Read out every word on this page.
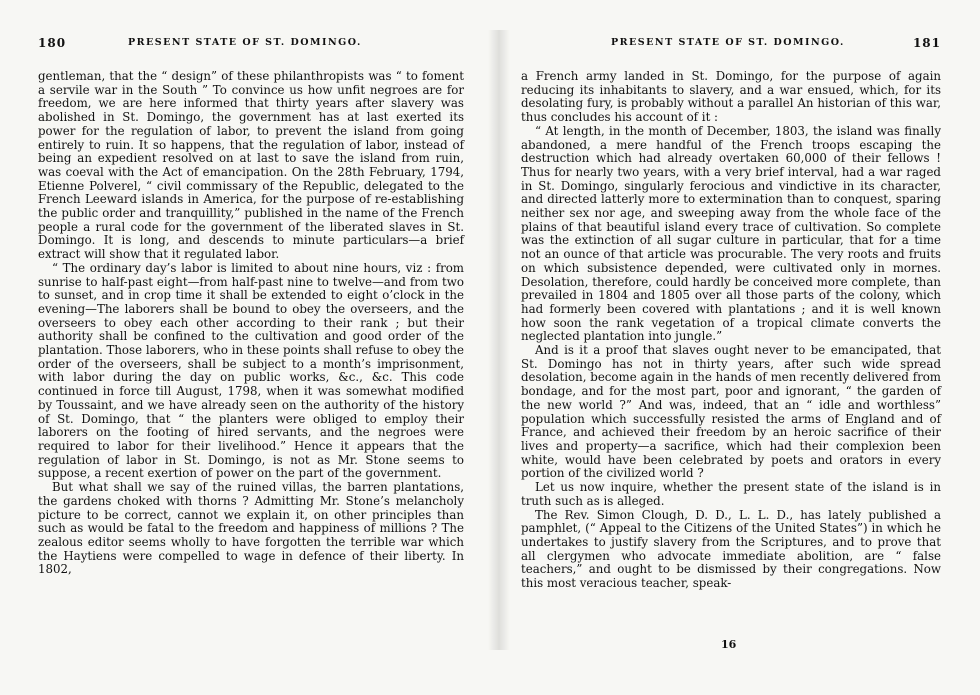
180	PRESENT STATE OF ST. DOMINGO.

gentleman, that the “ design” of these philanthropists was “ to foment a servile war in the South ” To convince us how unfit negroes are for freedom, we are here informed that thirty years after slavery was abolished in St. Domingo, the government has at last exerted its power for the regulation of labor, to prevent the island from going entirely to ruin. It so happens, that the regulation of labor, instead of being an expedient resolved on at last to save the island from ruin, was coeval with the Act of emancipation. On the 28th February, 1794, Etienne Polverel, “ civil commissary of the Republic, delegated to the French Leeward islands in America, for the purpose of re-establishing the public order and tranquillity,” published in the name of the French people a rural code for the government of the liberated slaves in St. Domingo. It is long, and descends to minute particulars—a brief extract will show that it regulated labor.

“ The ordinary day’s labor is limited to about nine hours, viz : from sunrise to half-past eight—from half-past nine to twelve—and from two to sunset, and in crop time it shall be extended to eight o’clock in the evening—The laborers shall be bound to obey the overseers, and the overseers to obey each other according to their rank ; but their authority shall be confined to the cultivation and good order of the plantation. Those laborers, who in these points shall refuse to obey the order of the overseers, shall be subject to a month’s imprisonment, with labor during the day on public works, &c., &c. This code continued in force till August, 1798, when it was somewhat modified by Toussaint, and we have already seen on the authority of the history of St. Domingo, that “ the planters were obliged to employ their laborers on the footing of hired servants, and the negroes were required to labor for their livelihood.” Hence it appears that the regulation of labor in St. Domingo, is not as Mr. Stone seems to suppose, a recent exertion of power on the part of the government.

But what shall we say of the ruined villas, the barren plantations, the gardens choked with thorns ? Admitting Mr. Stone’s melancholy picture to be correct, cannot we explain it, on other principles than such as would be fatal to the freedom and happiness of millions ? The zealous editor seems wholly to have forgotten the terrible war which the Haytiens were compelled to wage in defence of their liberty. In 1802,

PRESENT STATE OF ST. DOMINGO.	181

a French army landed in St. Domingo, for the purpose of again reducing its inhabitants to slavery, and a war ensued, which, for its desolating fury, is probably without a parallel An historian of this war, thus concludes his account of it :

“ At length, in the month of December, 1803, the island was finally abandoned, a mere handful of the French troops escaping the destruction which had already overtaken 60,000 of their fellows ! Thus for nearly two years, with a very brief interval, had a war raged in St. Domingo, singularly ferocious and vindictive in its character, and directed latterly more to extermination than to conquest, sparing neither sex nor age, and sweeping away from the whole face of the plains of that beautiful island every trace of cultivation. So complete was the extinction of all sugar culture in particular, that for a time not an ounce of that article was procurable. The very roots and fruits on which subsistence depended, were cultivated only in mornes. Desolation, therefore, could hardly be conceived more complete, than prevailed in 1804 and 1805 over all those parts of the colony, which had formerly been covered with plantations ; and it is well known how soon the rank vegetation of a tropical climate converts the neglected plantation into jungle.”

And is it a proof that slaves ought never to be emancipated, that St. Domingo has not in thirty years, after such wide spread desolation, become again in the hands of men recently delivered from bondage, and for the most part, poor and ignorant, “ the garden of the new world ?” And was, indeed, that an “ idle and worthless” population which successfully resisted the arms of England and of France, and achieved their freedom by an heroic sacrifice of their lives and property—a sacrifice, which had their complexion been white, would have been celebrated by poets and orators in every portion of the civilized world ?

Let us now inquire, whether the present state of the island is in truth such as is alleged.

The Rev. Simon Clough, D. D., L. L. D., has lately published a pamphlet, (“ Appeal to the Citizens of the United States”) in which he undertakes to justify slavery from the Scriptures, and to prove that all clergymen who advocate immediate abolition, are “ false teachers,” and ought to be dismissed by their congregations. Now this most veracious teacher, speak-

16
